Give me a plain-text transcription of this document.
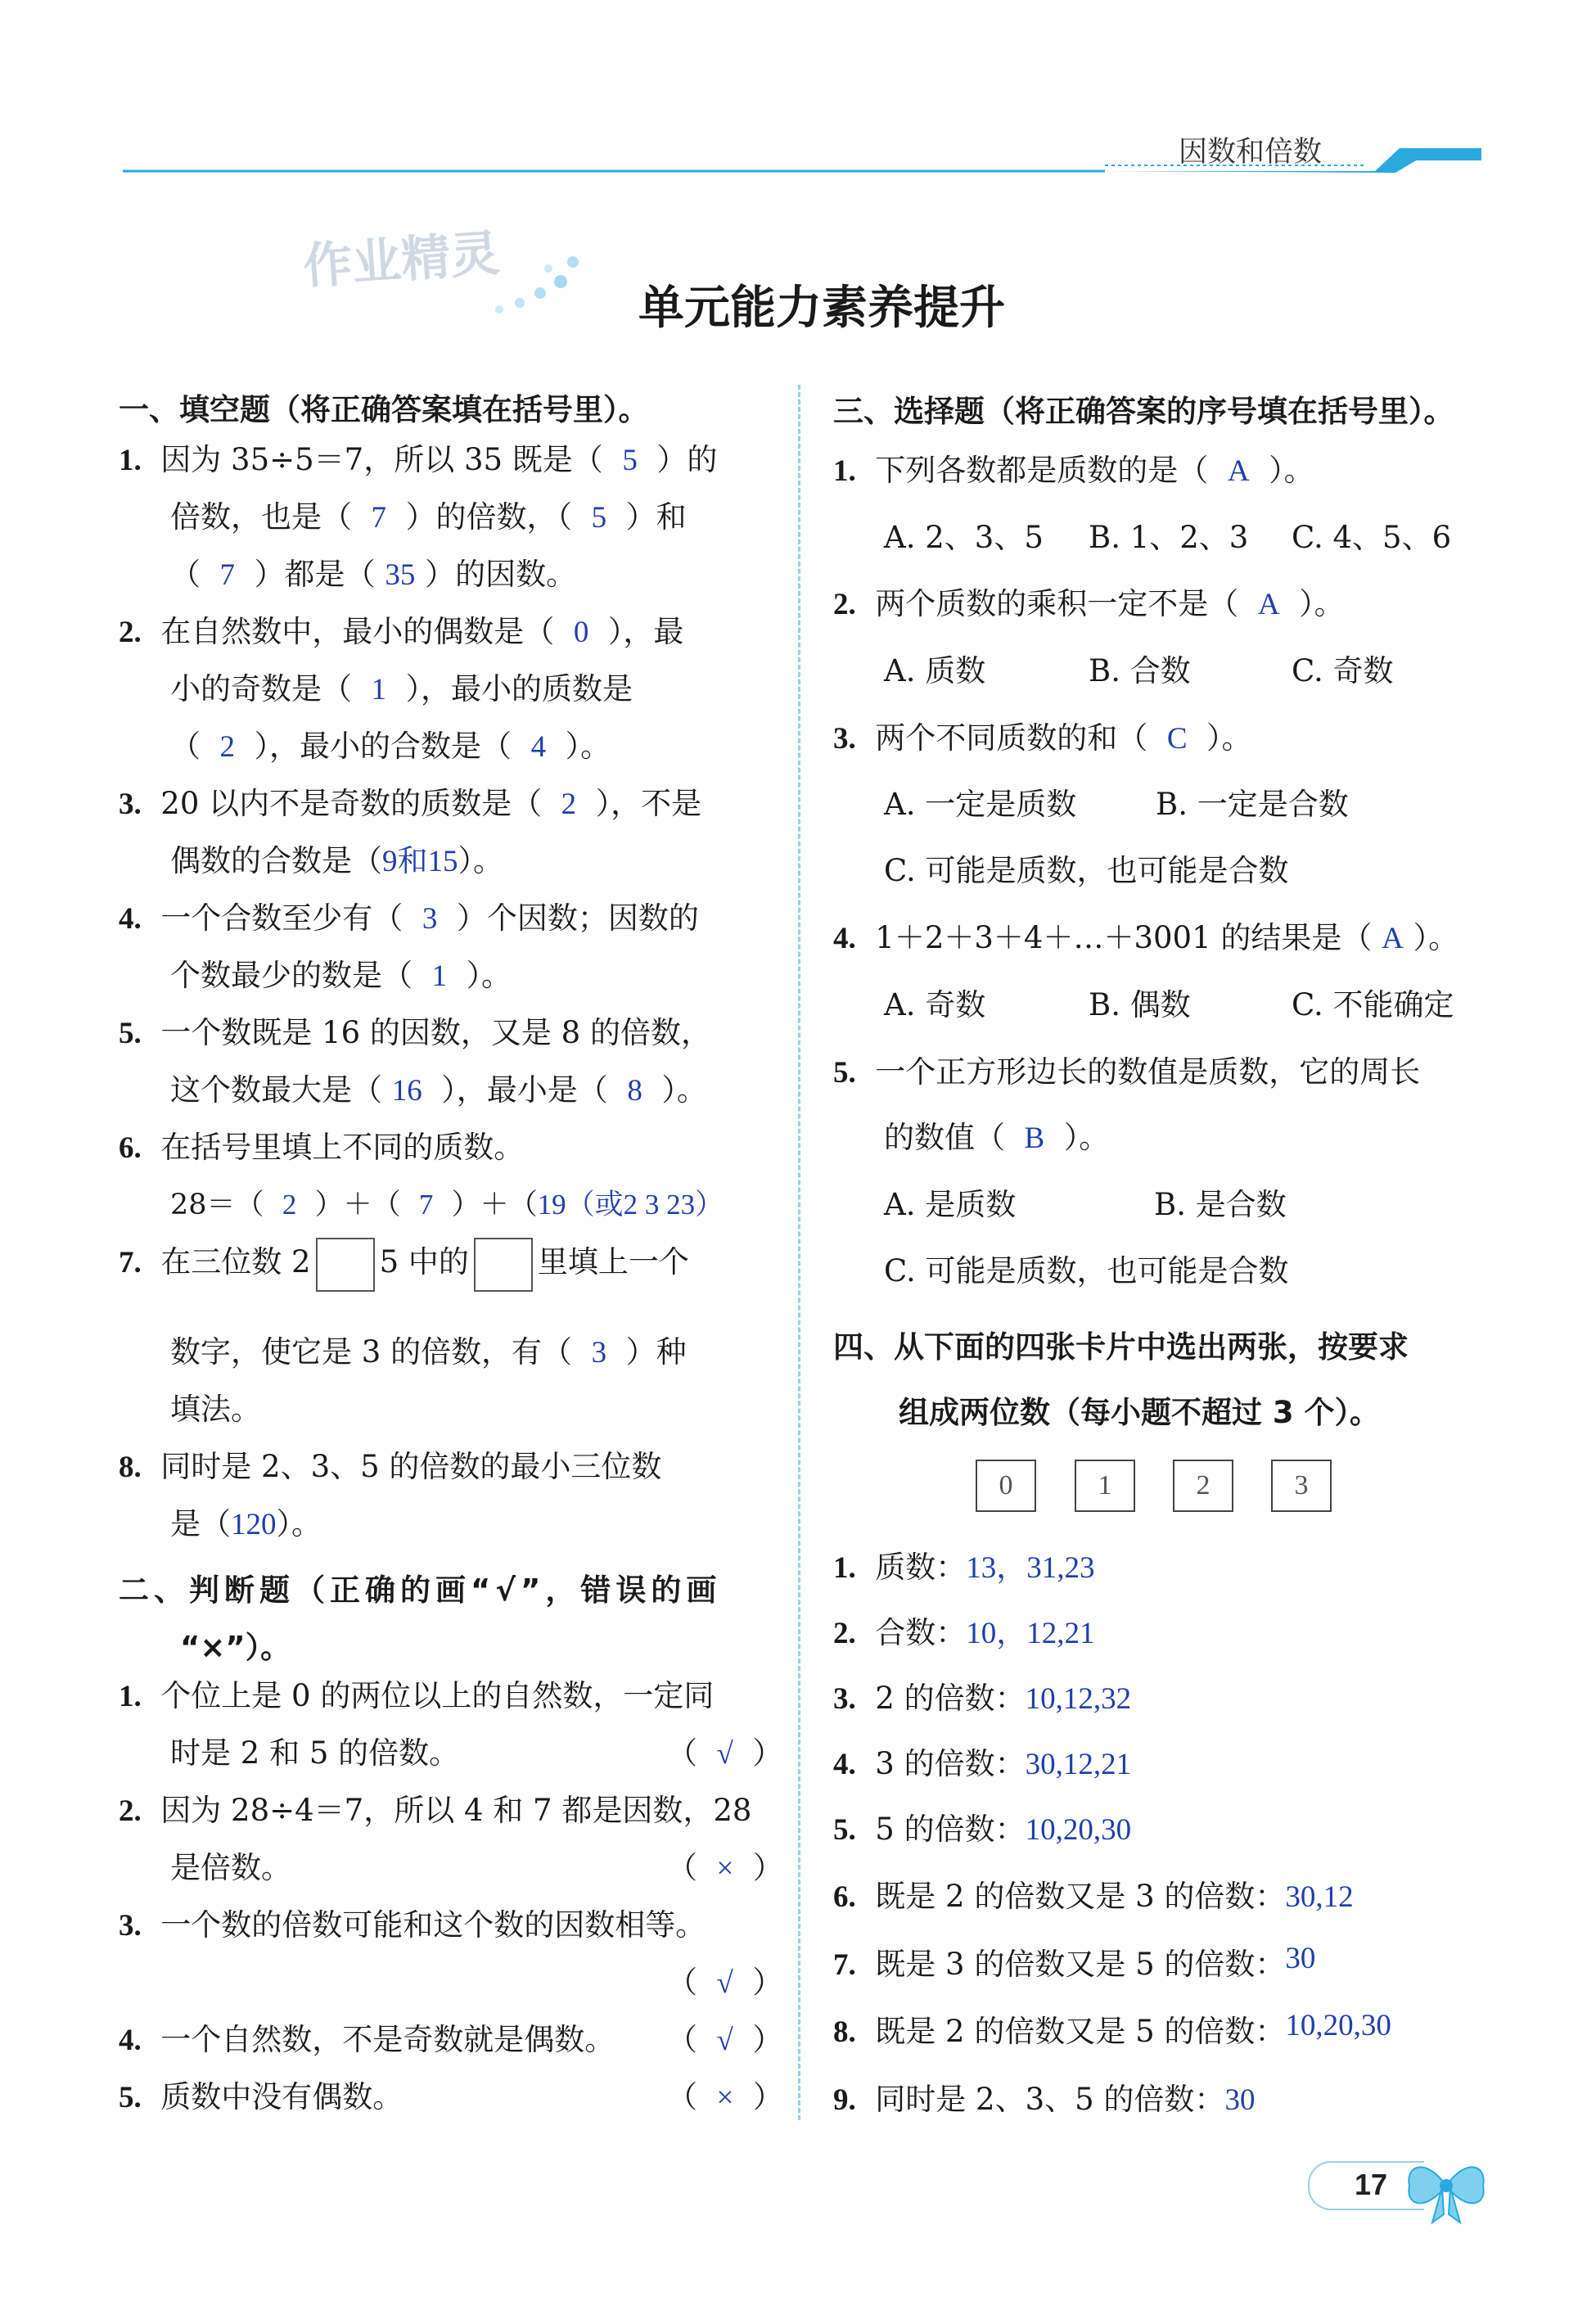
因数和倍数
作业精灵
单元能力素养提升
一、填空题（将正确答案填在括号里）。
1. 因为 35÷5＝7，所以 35 既是（ 5 ）的
倍数，也是（ 7 ）的倍数，（ 5 ）和
（ 7 ）都是（ 35 ）的因数。
2. 在自然数中，最小的偶数是（ 0 ），最
小的奇数是（ 1 ），最小的质数是
（ 2 ），最小的合数是（ 4 ）。
3. 20 以内不是奇数的质数是（ 2 ），不是
偶数的合数是（9和15）。
4. 一个合数至少有（ 3 ）个因数；因数的
个数最少的数是（ 1 ）。
5. 一个数既是 16 的因数，又是 8 的倍数，
这个数最大是（ 16 ），最小是（ 8 ）。
6. 在括号里填上不同的质数。
28＝（ 2 ）＋（ 7 ）＋（19（或2 3 23）
7. 在三位数 2 5 中的 里填上一个
数字，使它是 3 的倍数，有（ 3 ）种
填法。
8. 同时是 2、3、5 的倍数的最小三位数
是（120）。
二、判断题（正确的画“√”，错误的画
“×”）。
1. 个位上是 0 的两位以上的自然数，一定同
时是 2 和 5 的倍数。	（  √  ）
2. 因为 28÷4＝7，所以 4 和 7 都是因数，28
是倍数。	（  ×  ）
3. 一个数的倍数可能和这个数的因数相等。
（  √  ）
4. 一个自然数，不是奇数就是偶数。 （  √  ）
5. 质数中没有偶数。	（  ×  ）
三、选择题（将正确答案的序号填在括号里）。
1. 下列各数都是质数的是（ A ）。
A. 2、3、5 B. 1、2、3 C. 4、5、6
2. 两个质数的乘积一定不是（ A ）。
A. 质数	B. 合数	C. 奇数
3. 两个不同质数的和（ C ）。
A. 一定是质数	B. 一定是合数
C. 可能是质数，也可能是合数
4. 1＋2＋3＋4＋…＋3001 的结果是（ A ）。
A. 奇数	B. 偶数	C. 不能确定
5. 一个正方形边长的数值是质数，它的周长
的数值（ B ）。
A. 是质数	B. 是合数
C. 可能是质数，也可能是合数
四、从下面的四张卡片中选出两张，按要求
组成两位数（每小题不超过 3 个）。
0	1	2	3
1. 质数：13，31,23
2. 合数：10，12,21
3. 2 的倍数：10,12,32
4. 3 的倍数：30,12,21
5. 5 的倍数：10,20,30
6. 既是 2 的倍数又是 3 的倍数：30,12
7. 既是 3 的倍数又是 5 的倍数：30
8. 既是 2 的倍数又是 5 的倍数：10,20,30
9. 同时是 2、3、5 的倍数：30
17
